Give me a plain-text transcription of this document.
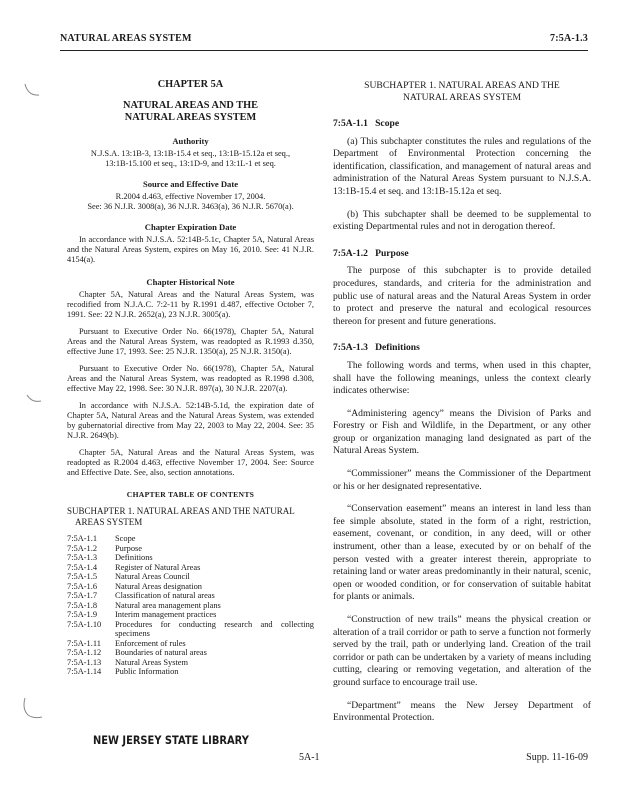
NATURAL AREAS SYSTEM	7:5A-1.3
CHAPTER 5A
NATURAL AREAS AND THE
NATURAL AREAS SYSTEM
Authority
N.J.S.A. 13:1B-3, 13:1B-15.4 et seq., 13:1B-15.12a et seq.,
13:1B-15.100 et seq., 13:1D-9, and 13:1L-1 et seq.
Source and Effective Date
R.2004 d.463, effective November 17, 2004.
See: 36 N.J.R. 3008(a), 36 N.J.R. 3463(a), 36 N.J.R. 5670(a).
Chapter Expiration Date

In accordance with N.J.S.A. 52:14B-5.1c, Chapter 5A, Natural Areas and the Natural Areas System, expires on May 16, 2010. See: 41 N.J.R. 4154(a).

Chapter Historical Note

Chapter 5A, Natural Areas and the Natural Areas System, was recodified from N.J.A.C. 7:2-11 by R.1991 d.487, effective October 7, 1991. See: 22 N.J.R. 2652(a), 23 N.J.R. 3005(a).

Pursuant to Executive Order No. 66(1978), Chapter 5A, Natural Areas and the Natural Areas System, was readopted as R.1993 d.350, effective June 17, 1993. See: 25 N.J.R. 1350(a), 25 N.J.R. 3150(a).

Pursuant to Executive Order No. 66(1978), Chapter 5A, Natural Areas and the Natural Areas System, was readopted as R.1998 d.308, effective May 22, 1998. See: 30 N.J.R. 897(a), 30 N.J.R. 2207(a).

In accordance with N.J.S.A. 52:14B-5.1d, the expiration date of Chapter 5A, Natural Areas and the Natural Areas System, was extended by gubernatorial directive from May 22, 2003 to May 22, 2004. See: 35 N.J.R. 2649(b).

Chapter 5A, Natural Areas and the Natural Areas System, was readopted as R.2004 d.463, effective November 17, 2004. See: Source and Effective Date. See, also, section annotations.

CHAPTER TABLE OF CONTENTS
SUBCHAPTER 1. NATURAL AREAS AND THE NATURAL AREAS SYSTEM
7:5A-1.1	Scope
7:5A-1.2	Purpose
7:5A-1.3	Definitions
7:5A-1.4	Register of Natural Areas
7:5A-1.5	Natural Areas Council
7:5A-1.6	Natural Areas designation
7:5A-1.7	Classification of natural areas
7:5A-1.8	Natural area management plans
7:5A-1.9	Interim management practices
7:5A-1.10	Procedures for conducting research and collecting specimens
7:5A-1.11	Enforcement of rules
7:5A-1.12	Boundaries of natural areas
7:5A-1.13	Natural Areas System
7:5A-1.14	Public Information
SUBCHAPTER 1. NATURAL AREAS AND THE
NATURAL AREAS SYSTEM
7:5A-1.1   Scope

(a) This subchapter constitutes the rules and regulations of the Department of Environmental Protection concerning the identification, classification, and management of natural areas and administration of the Natural Areas System pursuant to N.J.S.A. 13:1B-15.4 et seq. and 13:1B-15.12a et seq.

(b) This subchapter shall be deemed to be supplemental to existing Departmental rules and not in derogation thereof.

7:5A-1.2   Purpose

The purpose of this subchapter is to provide detailed procedures, standards, and criteria for the administration and public use of natural areas and the Natural Areas System in order to protect and preserve the natural and ecological resources thereon for present and future generations.

7:5A-1.3   Definitions

The following words and terms, when used in this chapter, shall have the following meanings, unless the context clearly indicates otherwise:

“Administering agency” means the Division of Parks and Forestry or Fish and Wildlife, in the Department, or any other group or organization managing land designated as part of the Natural Areas System.

“Commissioner” means the Commissioner of the Department or his or her designated representative.

“Conservation easement” means an interest in land less than fee simple absolute, stated in the form of a right, restriction, easement, covenant, or condition, in any deed, will or other instrument, other than a lease, executed by or on behalf of the person vested with a greater interest therein, appropriate to retaining land or water areas predominantly in their natural, scenic, open or wooded condition, or for conservation of suitable habitat for plants or animals.

“Construction of new trails” means the physical creation or alteration of a trail corridor or path to serve a function not formerly served by the trail, path or underlying land. Creation of the trail corridor or path can be undertaken by a variety of means including cutting, clearing or removing vegetation, and alteration of the ground surface to encourage trail use.

“Department” means the New Jersey Department of Environmental Protection.

NEW JERSEY STATE LIBRARY
5A-1	Supp. 11-16-09
